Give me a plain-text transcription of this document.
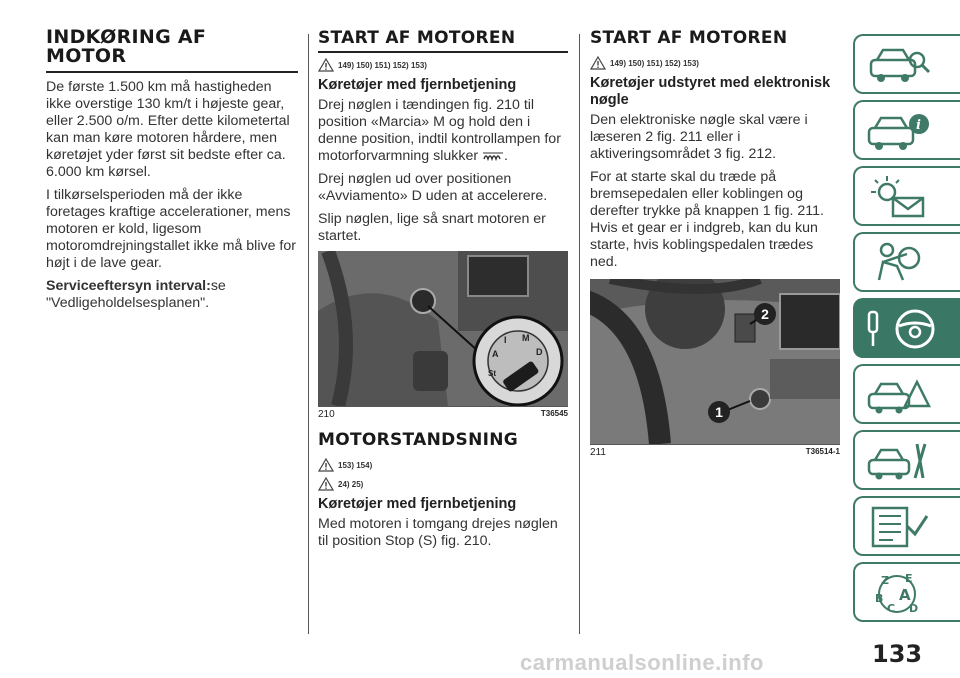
INDKØRING AF
MOTOR

De første 1.500 km må hastigheden ikke overstige 130 km/t i højeste gear, eller 2.500 o/m. Efter dette kilometertal kan man køre motoren hårdere, men køretøjet yder først sit bedste efter ca. 6.000 km kørsel.

I tilkørselsperioden må der ikke foretages kraftige accelerationer, mens motoren er kold, ligesom motoromdrejningstallet ikke må blive for højt i de lave gear.

Serviceeftersyn interval:se "Vedligeholdelsesplanen".

START AF MOTOREN
149) 150) 151) 152) 153)
Køretøjer med fjernbetjening

Drej nøglen i tændingen fig. 210 til position «Marcia» M og hold den i denne position, indtil kontrollampen for motorforvarmning slukker .

Drej nøglen ud over positionen «Avviamento» D uden at accelerere.

Slip nøglen, lige så snart motoren er startet.

A
I M
D
St
210	T36545
MOTORSTANDSNING
153) 154)
24) 25)
Køretøjer med fjernbetjening

Med motoren i tomgang drejes nøglen til position Stop (S) fig. 210.

START AF MOTOREN
149) 150) 151) 152) 153)
Køretøjer udstyret med elektronisk nøgle

Den elektroniske nøgle skal være i læseren 2 fig. 211 eller i aktiveringsområdet 3 fig. 212.

For at starte skal du træde på bremsepedalen eller koblingen og derefter trykke på knappen 1 fig. 211. Hvis et gear er i indgreb, kan du kun starte, hvis koblingspedalen trædes ned.

1
2
211	T36514-1
i
Z E
B A
C D
133
carmanualsonline.info
